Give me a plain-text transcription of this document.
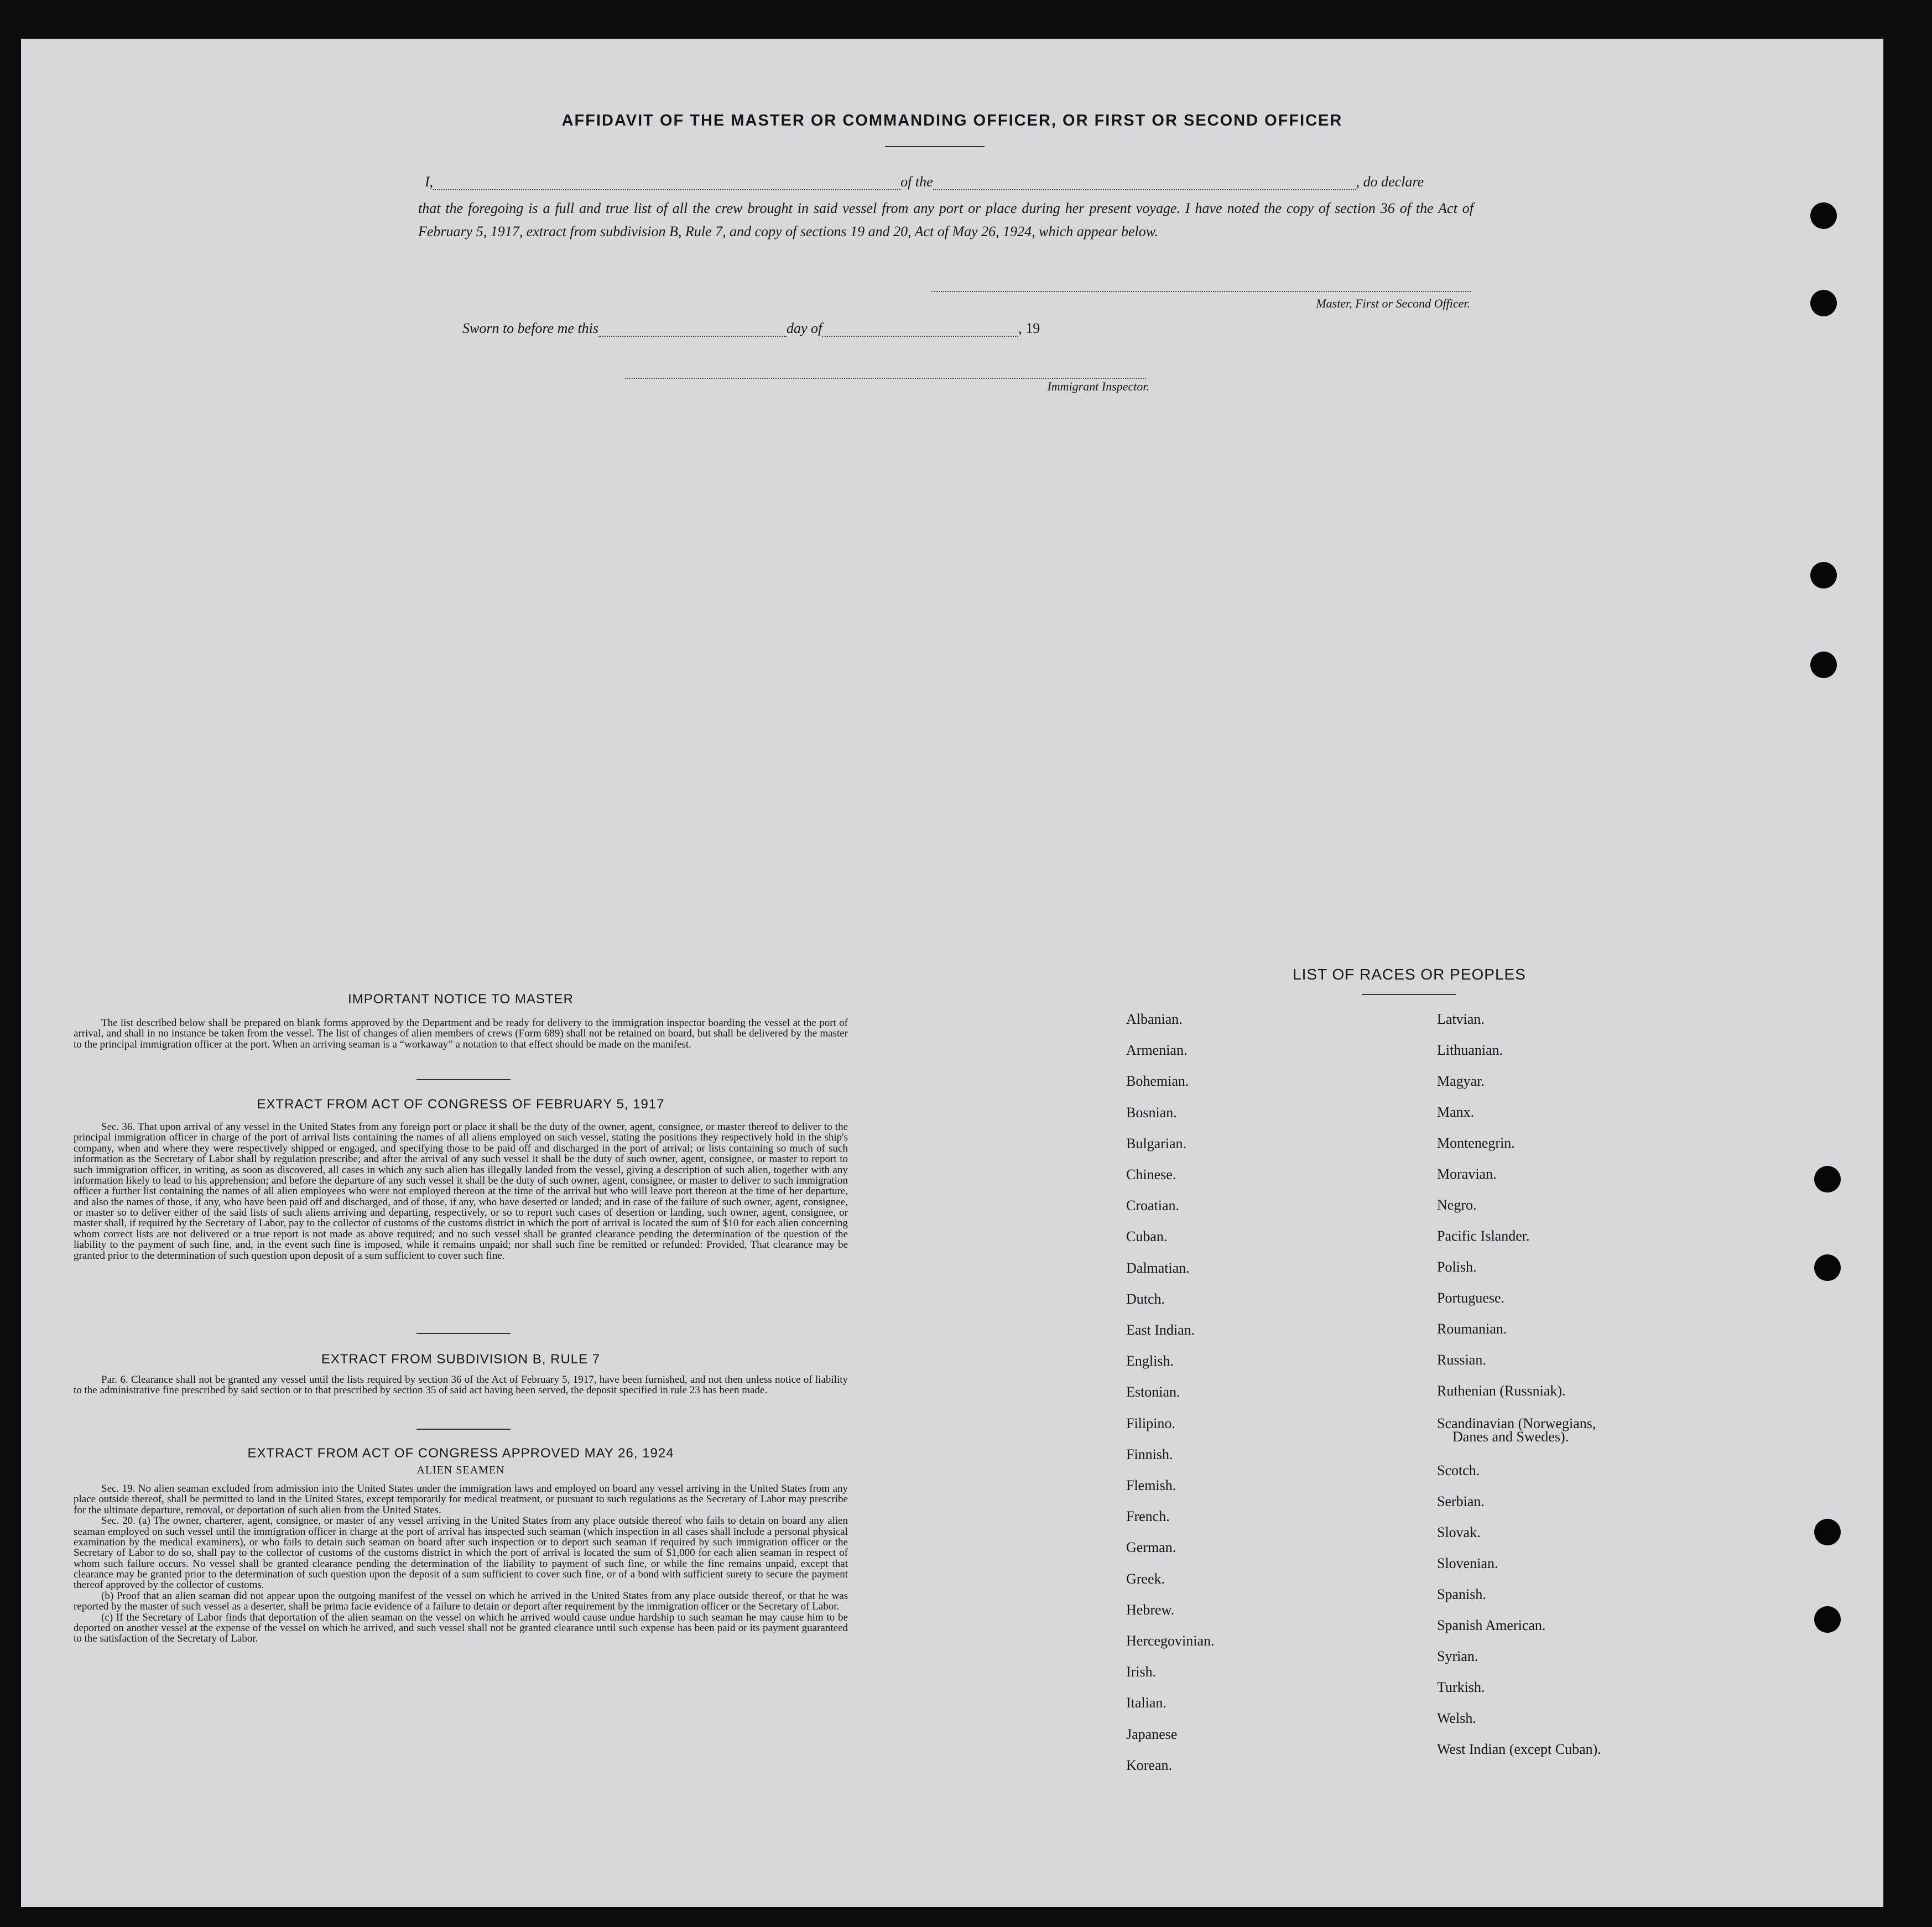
AFFIDAVIT OF THE MASTER OR COMMANDING OFFICER, OR FIRST OR SECOND OFFICER
I,	of the	, do declare
that the foregoing is a full and true list of all the crew brought in said vessel from any port or place during her present voyage. I have noted the copy of section 36 of the Act of February 5, 1917, extract from subdivision B, Rule 7, and copy of sections 19 and 20, Act of May 26, 1924, which appear below.
Master, First or Second Officer.
Sworn to before me this	day of	, 19
Immigrant Inspector.
IMPORTANT NOTICE TO MASTER

The list described below shall be prepared on blank forms approved by the Department and be ready for delivery to the immigration inspector boarding the vessel at the port of arrival, and shall in no instance be taken from the vessel. The list of changes of alien members of crews (Form 689) shall not be retained on board, but shall be delivered by the master to the principal immigration officer at the port. When an arriving seaman is a “workaway” a notation to that effect should be made on the manifest.

EXTRACT FROM ACT OF CONGRESS OF FEBRUARY 5, 1917

Sec. 36. That upon arrival of any vessel in the United States from any foreign port or place it shall be the duty of the owner, agent, consignee, or master thereof to deliver to the principal immigration officer in charge of the port of arrival lists containing the names of all aliens employed on such vessel, stating the positions they respectively hold in the ship's company, when and where they were respectively shipped or engaged, and specifying those to be paid off and discharged in the port of arrival; or lists containing so much of such information as the Secretary of Labor shall by regulation prescribe; and after the arrival of any such vessel it shall be the duty of such owner, agent, consignee, or master to report to such immigration officer, in writing, as soon as discovered, all cases in which any such alien has illegally landed from the vessel, giving a description of such alien, together with any information likely to lead to his apprehension; and before the departure of any such vessel it shall be the duty of such owner, agent, consignee, or master to deliver to such immigration officer a further list containing the names of all alien employees who were not employed thereon at the time of the arrival but who will leave port thereon at the time of her departure, and also the names of those, if any, who have been paid off and discharged, and of those, if any, who have deserted or landed; and in case of the failure of such owner, agent, consignee, or master so to deliver either of the said lists of such aliens arriving and departing, respectively, or so to report such cases of desertion or landing, such owner, agent, consignee, or master shall, if required by the Secretary of Labor, pay to the collector of customs of the customs district in which the port of arrival is located the sum of $10 for each alien concerning whom correct lists are not delivered or a true report is not made as above required; and no such vessel shall be granted clearance pending the determination of the question of the liability to the payment of such fine, and, in the event such fine is imposed, while it remains unpaid; nor shall such fine be remitted or refunded: Provided, That clearance may be granted prior to the determination of such question upon deposit of a sum sufficient to cover such fine.

EXTRACT FROM SUBDIVISION B, RULE 7

Par. 6. Clearance shall not be granted any vessel until the lists required by section 36 of the Act of February 5, 1917, have been furnished, and not then unless notice of liability to the administrative fine prescribed by said section or to that prescribed by section 35 of said act having been served, the deposit specified in rule 23 has been made.

EXTRACT FROM ACT OF CONGRESS APPROVED MAY 26, 1924
ALIEN SEAMEN

Sec. 19. No alien seaman excluded from admission into the United States under the immigration laws and employed on board any vessel arriving in the United States from any place outside thereof, shall be permitted to land in the United States, except temporarily for medical treatment, or pursuant to such regulations as the Secretary of Labor may prescribe for the ultimate departure, removal, or deportation of such alien from the United States.

Sec. 20. (a) The owner, charterer, agent, consignee, or master of any vessel arriving in the United States from any place outside thereof who fails to detain on board any alien seaman employed on such vessel until the immigration officer in charge at the port of arrival has inspected such seaman (which inspection in all cases shall include a personal physical examination by the medical examiners), or who fails to detain such seaman on board after such inspection or to deport such seaman if required by such immigration officer or the Secretary of Labor to do so, shall pay to the collector of customs of the customs district in which the port of arrival is located the sum of $1,000 for each alien seaman in respect of whom such failure occurs. No vessel shall be granted clearance pending the determination of the liability to payment of such fine, or while the fine remains unpaid, except that clearance may be granted prior to the determination of such question upon the deposit of a sum sufficient to cover such fine, or of a bond with sufficient surety to secure the payment thereof approved by the collector of customs.

(b) Proof that an alien seaman did not appear upon the outgoing manifest of the vessel on which he arrived in the United States from any place outside thereof, or that he was reported by the master of such vessel as a deserter, shall be prima facie evidence of a failure to detain or deport after requirement by the immigration officer or the Secretary of Labor.

(c) If the Secretary of Labor finds that deportation of the alien seaman on the vessel on which he arrived would cause undue hardship to such seaman he may cause him to be deported on another vessel at the expense of the vessel on which he arrived, and such vessel shall not be granted clearance until such expense has been paid or its payment guaranteed to the satisfaction of the Secretary of Labor.

LIST OF RACES OR PEOPLES
Albanian.
Armenian.
Bohemian.
Bosnian.
Bulgarian.
Chinese.
Croatian.
Cuban.
Dalmatian.
Dutch.
East Indian.
English.
Estonian.
Filipino.
Finnish.
Flemish.
French.
German.
Greek.
Hebrew.
Hercegovinian.
Irish.
Italian.
Japanese
Korean.
Latvian.
Lithuanian.
Magyar.
Manx.
Montenegrin.
Moravian.
Negro.
Pacific Islander.
Polish.
Portuguese.
Roumanian.
Russian.
Ruthenian (Russniak).
Scandinavian (Norwegians,
Danes and Swedes).
Scotch.
Serbian.
Slovak.
Slovenian.
Spanish.
Spanish American.
Syrian.
Turkish.
Welsh.
West Indian (except Cuban).
